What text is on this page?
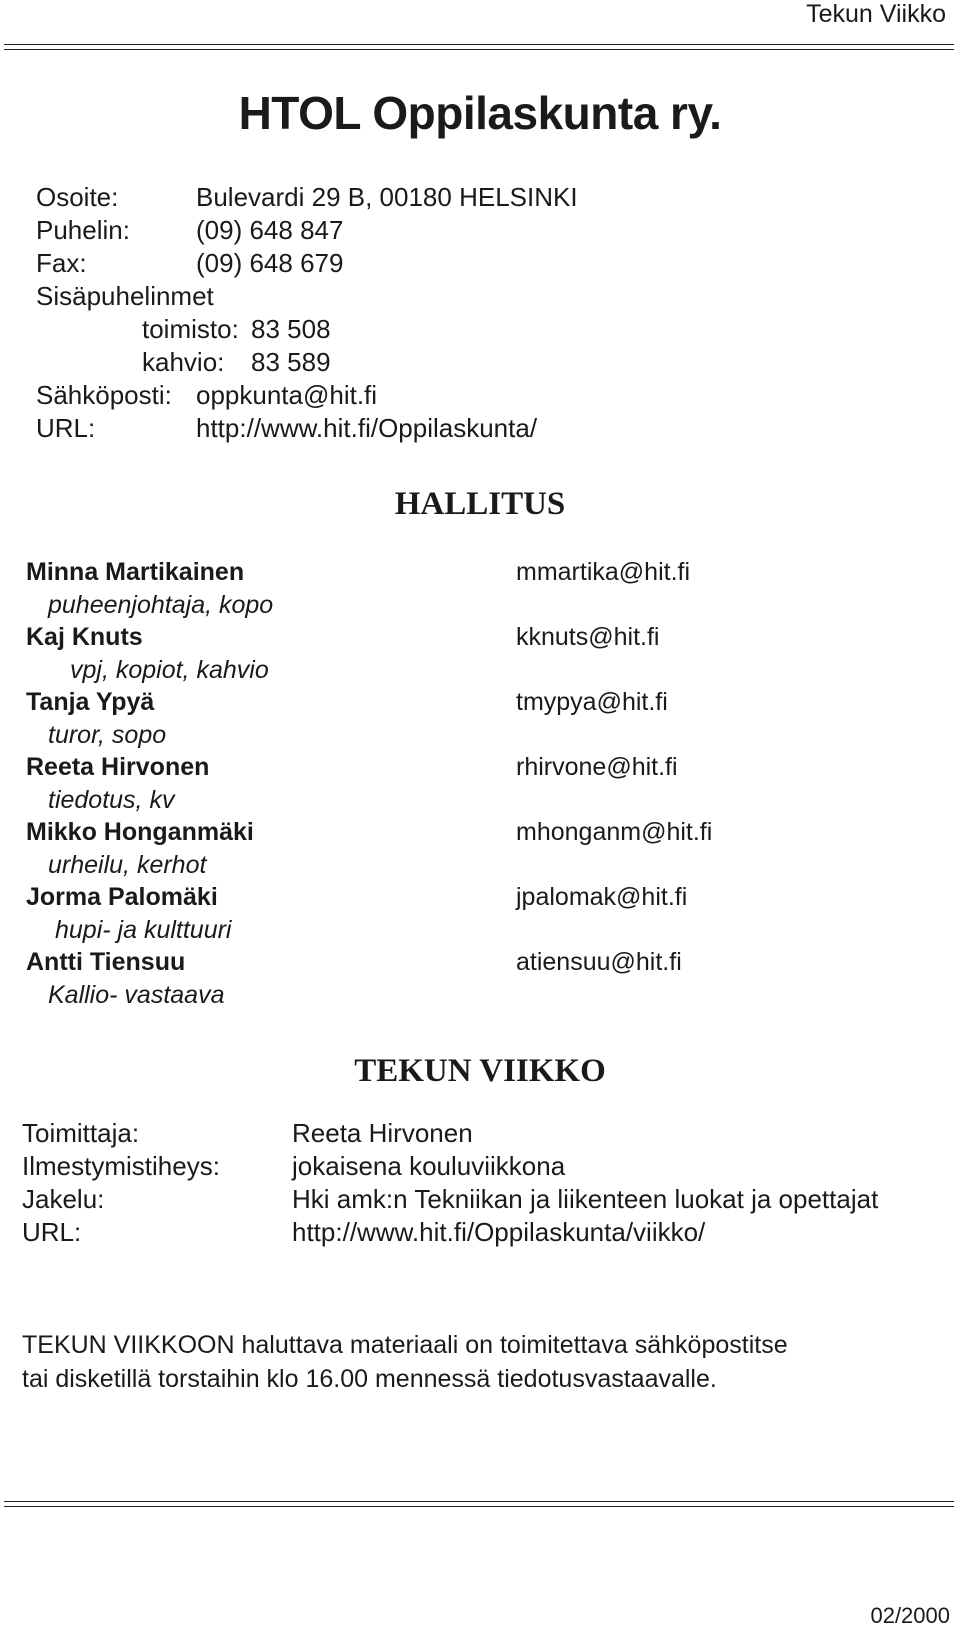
Tekun Viikko
HTOL Oppilaskunta ry.
Osoite:	Bulevardi 29 B, 00180 HELSINKI
Puhelin:	(09) 648 847
Fax:	(09) 648 679
Sisäpuhelinmet
toimisto: 83 508
kahvio: 83 589
Sähköposti: oppkunta@hit.fi
URL:	http://www.hit.fi/Oppilaskunta/
HALLITUS
Minna Martikainen
puheenjohtaja, kopo
mmartika@hit.fi
Kaj Knuts
vpj, kopiot, kahvio
kknuts@hit.fi
Tanja Ypyä
turor, sopo
tmypya@hit.fi
Reeta Hirvonen
tiedotus, kv
rhirvone@hit.fi
Mikko Honganmäki
urheilu, kerhot
mhonganm@hit.fi
Jorma Palomäki
hupi- ja kulttuuri
jpalomak@hit.fi
Antti Tiensuu
Kallio- vastaava
atiensuu@hit.fi
TEKUN VIIKKO
Toimittaja:	Reeta Hirvonen
Ilmestymistiheys:	jokaisena kouluviikkona
Jakelu:	Hki amk:n Tekniikan ja liikenteen luokat ja opettajat
URL:	http://www.hit.fi/Oppilaskunta/viikko/
TEKUN VIIKKOON haluttava materiaali on toimitettava sähköpostitse
tai disketillä torstaihin klo 16.00 mennessä tiedotusvastaavalle.
02/2000
